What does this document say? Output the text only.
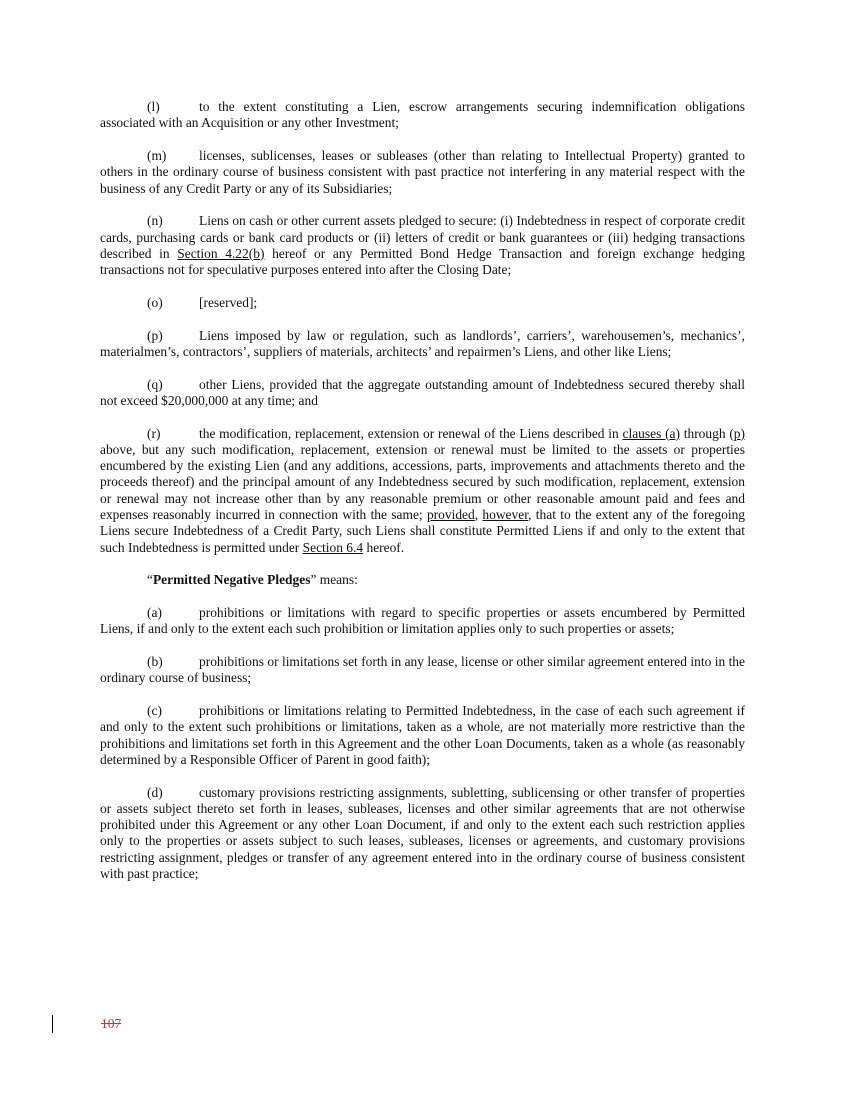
(l)	to the extent constituting a Lien, escrow arrangements securing indemnification obligations associated with an Acquisition or any other Investment;

(m) licenses, sublicenses, leases or subleases (other than relating to Intellectual Property) granted to others in the ordinary course of business consistent with past practice not interfering in any material respect with the business of any Credit Party or any of its Subsidiaries;

(n)	Liens on cash or other current assets pledged to secure: (i) Indebtedness in respect of corporate credit cards, purchasing cards or bank card products or (ii) letters of credit or bank guarantees or (iii) hedging transactions described in Section 4.22(b) hereof or any Permitted Bond Hedge Transaction and foreign exchange hedging transactions not for speculative purposes entered into after the Closing Date;

(o)	[reserved];

(p)	Liens imposed by law or regulation, such as landlords’, carriers’, warehousemen’s, mechanics’, materialmen’s, contractors’, suppliers of materials, architects’ and repairmen’s Liens, and other like Liens;

(q)	other Liens, provided that the aggregate outstanding amount of Indebtedness secured thereby shall not exceed $20,000,000 at any time; and

(r)	the modification, replacement, extension or renewal of the Liens described in clauses (a) through (p) above, but any such modification, replacement, extension or renewal must be limited to the assets or properties encumbered by the existing Lien (and any additions, accessions, parts, improvements and attachments thereto and the proceeds thereof) and the principal amount of any Indebtedness secured by such modification, replacement, extension or renewal may not increase other than by any reasonable premium or other reasonable amount paid and fees and expenses reasonably incurred in connection with the same; provided, however, that to the extent any of the foregoing Liens secure Indebtedness of a Credit Party, such Liens shall constitute Permitted Liens if and only to the extent that such Indebtedness is permitted under Section 6.4 hereof.

“Permitted Negative Pledges” means:

(a)	prohibitions or limitations with regard to specific properties or assets encumbered by Permitted Liens, if and only to the extent each such prohibition or limitation applies only to such properties or assets;

(b)	prohibitions or limitations set forth in any lease, license or other similar agreement entered into in the ordinary course of business;

(c)	prohibitions or limitations relating to Permitted Indebtedness, in the case of each such agreement if and only to the extent such prohibitions or limitations, taken as a whole, are not materially more restrictive than the prohibitions and limitations set forth in this Agreement and the other Loan Documents, taken as a whole (as reasonably determined by a Responsible Officer of Parent in good faith);

(d)	customary provisions restricting assignments, subletting, sublicensing or other transfer of properties or assets subject thereto set forth in leases, subleases, licenses and other similar agreements that are not otherwise prohibited under this Agreement or any other Loan Document, if and only to the extent each such restriction applies only to the properties or assets subject to such leases, subleases, licenses or agreements, and customary provisions restricting assignment, pledges or transfer of any agreement entered into in the ordinary course of business consistent with past practice;

107
